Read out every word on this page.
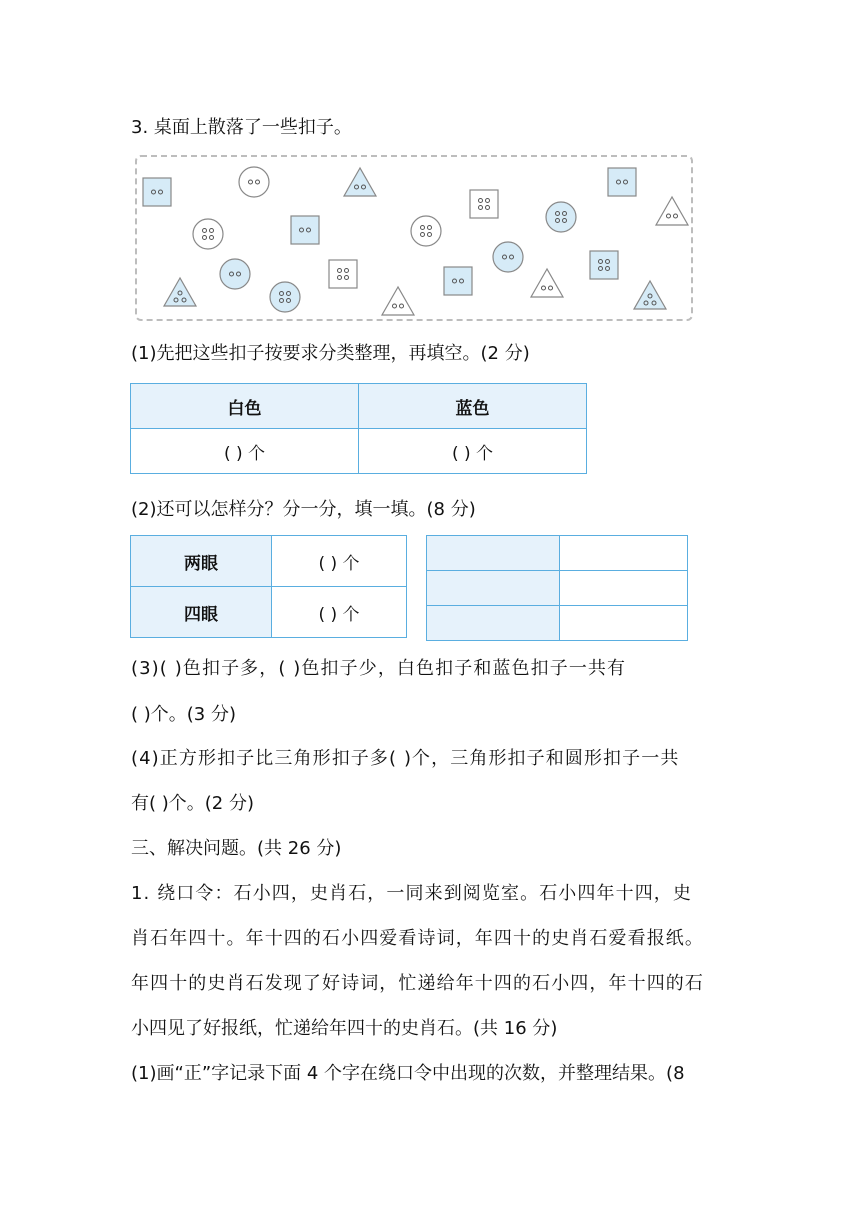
3. 桌面上散落了一些扣子。
(1)先把这些扣子按要求分类整理，再填空。(2 分)
白色	蓝色
( ) 个	( ) 个
(2)还可以怎样分？分一分，填一填。(8 分)
两眼	( ) 个
四眼	( ) 个

(3)( )色扣子多，( )色扣子少，白色扣子和蓝色扣子一共有
( )个。(3 分)
(4)正方形扣子比三角形扣子多( )个，三角形扣子和圆形扣子一共
有( )个。(2 分)
三、解决问题。(共 26 分)
1. 绕口令：石小四，史肖石，一同来到阅览室。石小四年十四，史
肖石年四十。年十四的石小四爱看诗词，年四十的史肖石爱看报纸。
年四十的史肖石发现了好诗词，忙递给年十四的石小四，年十四的石
小四见了好报纸，忙递给年四十的史肖石。(共 16 分)
(1)画“正”字记录下面 4 个字在绕口令中出现的次数，并整理结果。(8
